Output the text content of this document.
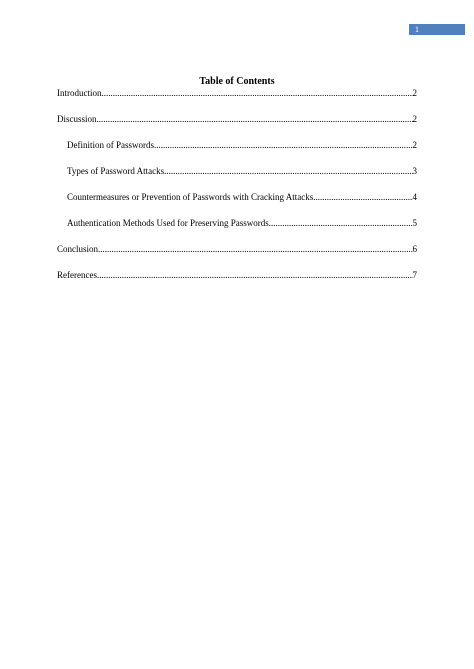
1
Table of Contents
Introduction .....	2
Discussion .....	2
Definition of Passwords .....	2
Types of Password Attacks .....	3
Countermeasures or Prevention of Passwords with Cracking Attacks .....	4
Authentication Methods Used for Preserving Passwords .....	5
Conclusion .....	6
References .....	7
